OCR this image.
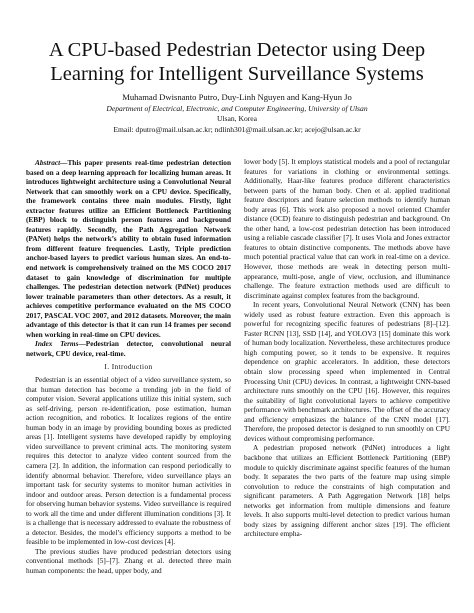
A CPU-based Pedestrian Detector using Deep Learning for Intelligent Surveillance Systems
Muhamad Dwisnanto Putro, Duy-Linh Nguyen and Kang-Hyun Jo
Department of Electrical, Electronic, and Computer Engineering, University of Ulsan
Ulsan, Korea
Email: dputro@mail.ulsan.ac.kr; ndlinh301@mail.ulsan.ac.kr; acejo@ulsan.ac.kr

Abstract—This paper presents real-time pedestrian detection based on a deep learning approach for localizing human areas. It introduces lightweight architecture using a Convolutional Neural Network that can smoothly work on a CPU device. Specifically, the framework contains three main modules. Firstly, light extractor features utilize an Efficient Bottleneck Partitioning (EBP) block to distinguish person features and background features rapidly. Secondly, the Path Aggregation Network (PANet) helps the network’s ability to obtain fused information from different feature frequencies. Lastly, Triple prediction anchor-based layers to predict various human sizes. An end-to-end network is comprehensively trained on the MS COCO 2017 dataset to gain knowledge of discrimination for multiple challenges. The pedestrian detection network (PdNet) produces lower trainable parameters than other detectors. As a result, it achieves competitive performance evaluated on the MS COCO 2017, PASCAL VOC 2007, and 2012 datasets. Moreover, the main advantage of this detector is that it can run 14 frames per second when working in real-time on CPU devices.

Index Terms—Pedestrian detector, convolutional neural network, CPU device, real-time.

I. Introduction

Pedestrian is an essential object of a video surveillance system, so that human detection has become a trending job in the field of computer vision. Several applications utilize this initial system, such as self-driving, person re-identification, pose estimation, human action recognition, and robotics. It localizes regions of the entire human body in an image by providing bounding boxes as predicted areas [1]. Intelligent systems have developed rapidly by employing video surveillance to prevent criminal acts. The monitoring system requires this detector to analyze video content sourced from the camera [2]. In addition, the information can respond periodically to identify abnormal behavior. Therefore, video surveillance plays an important task for security systems to monitor human activities in indoor and outdoor areas. Person detection is a fundamental process for observing human behavior systems. Video surveillance is required to work all the time and under different illumination conditions [3]. It is a challenge that is necessary addressed to evaluate the robustness of a detector. Besides, the model’s efficiency supports a method to be feasible to be implemented in low-cost devices [4].

The previous studies have produced pedestrian detectors using conventional methods [5]–[7]. Zhang et al. detected three main human components: the head, upper body, and

lower body [5]. It employs statistical models and a pool of rectangular features for variations in clothing or environmental settings. Additionally, Haar-like features produce different characteristics between parts of the human body. Chen et al. applied traditional feature descriptors and feature selection methods to identify human body areas [6]. This work also proposed a novel oriented Chamfer distance (OCD) feature to distinguish pedestrian and background. On the other hand, a low-cost pedestrian detection has been introduced using a reliable cascade classifier [7]. It uses Viola and Jones extractor features to obtain distinctive components. The methods above have much potential practical value that can work in real-time on a device. However, those methods are weak in detecting person multi-appearance, multi-pose, angle of view, occlusion, and illuminance challenge. The feature extraction methods used are difficult to discriminate against complex features from the background.

In recent years, Convolutional Neural Network (CNN) has been widely used as robust feature extraction. Even this approach is powerful for recognizing specific features of pedestrians [8]–[12]. Faster RCNN [13], SSD [14], and YOLOV3 [15] dominate this work of human body localization. Nevertheless, these architectures produce high computing power, so it tends to be expensive. It requires dependence on graphic accelerators. In addition, these detectors obtain slow processing speed when implemented in Central Processing Unit (CPU) devices. In contrast, a lightweight CNN-based architecture runs smoothly on the CPU [16]. However, this requires the suitability of light convolutional layers to achieve competitive performance with benchmark architectures. The offset of the accuracy and efficiency emphasizes the balance of the CNN model [17]. Therefore, the proposed detector is designed to run smoothly on CPU devices without compromising performance.

A pedestrian proposed network (PdNet) introduces a light backbone that utilizes an Efficient Bottleneck Partitioning (EBP) module to quickly discriminate against specific features of the human body. It separates the two parts of the feature map using simple convolution to reduce the constraints of high computation and significant parameters. A Path Aggregation Network [18] helps networks get information from multiple dimensions and feature levels. It also supports multi-level detection to predict various human body sizes by assigning different anchor sizes [19]. The efficient architecture empha-
